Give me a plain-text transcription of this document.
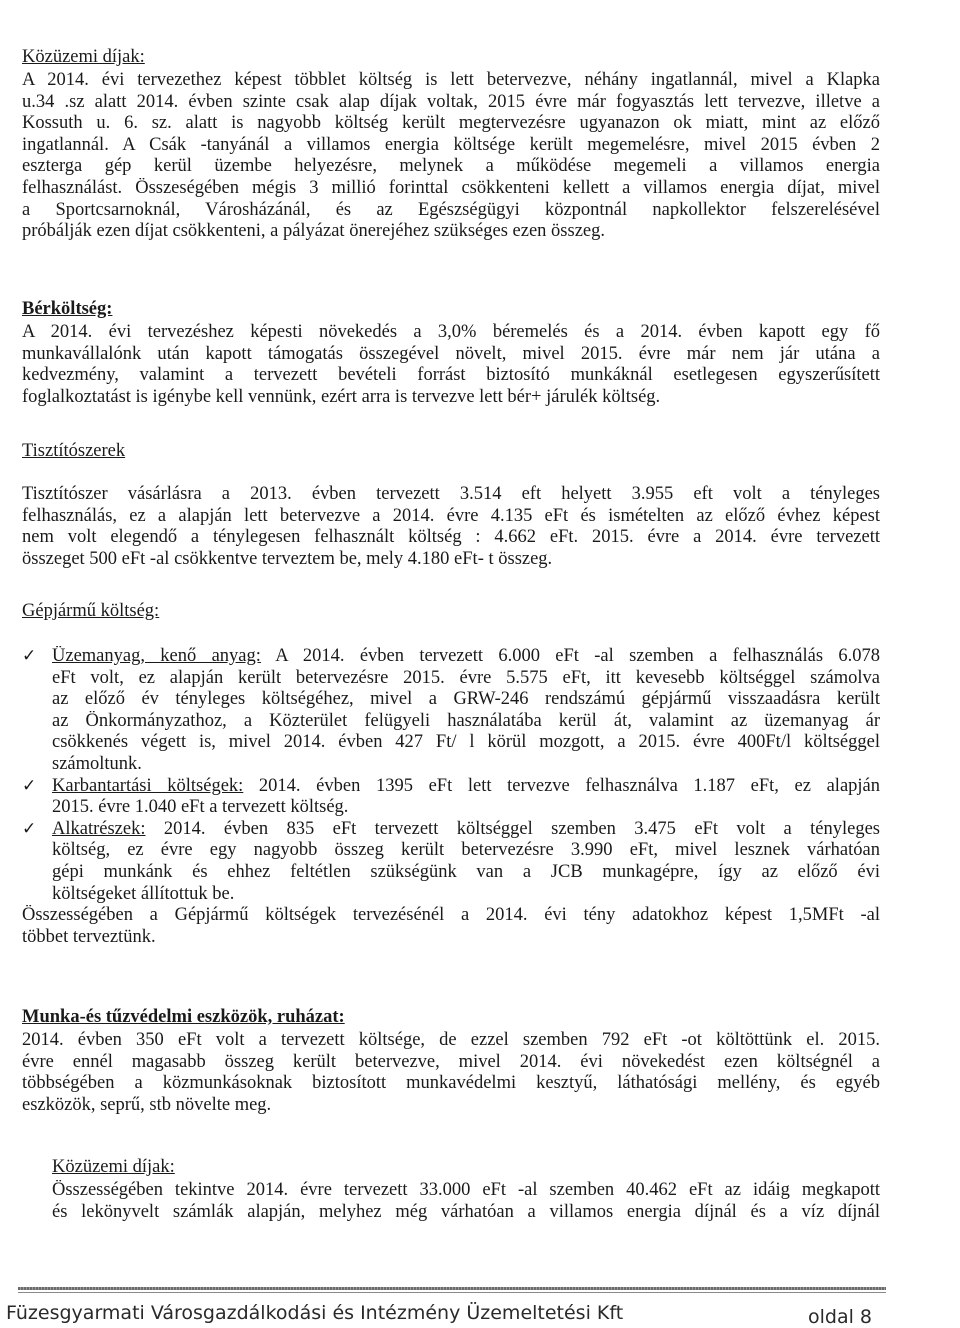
Közüzemi díjak:
A 2014. évi tervezethez képest többlet költség is lett betervezve, néhány ingatlannál, mivel a Klapka
u.34 .sz alatt 2014. évben szinte csak alap díjak voltak, 2015 évre már fogyasztás lett tervezve, illetve a
Kossuth u. 6. sz. alatt is nagyobb költség került megtervezésre ugyanazon ok miatt, mint az előző
ingatlannál. A Csák -tanyánál a villamos energia költsége került megemelésre, mivel 2015 évben 2
eszterga gép kerül üzembe helyezésre, melynek a működése megemeli a villamos energia
felhasználást. Összeségében mégis 3 millió forinttal csökkenteni kellett a villamos energia díjat, mivel
a Sportcsarnoknál, Városházánál, és az Egészségügyi központnál napkollektor felszerelésével
próbálják ezen díjat csökkenteni, a pályázat önerejéhez szükséges ezen összeg.
Bérköltség:
A 2014. évi tervezéshez képesti növekedés a 3,0% béremelés és a 2014. évben kapott egy fő
munkavállalónk után kapott támogatás összegével növelt, mivel 2015. évre már nem jár utána a
kedvezmény, valamint a tervezett bevételi forrást biztosító munkáknál esetlegesen egyszerűsített
foglalkoztatást is igénybe kell vennünk, ezért arra is tervezve lett bér+ járulék költség.
Tisztítószerek
Tisztítószer vásárlásra a 2013. évben tervezett 3.514 eft helyett 3.955 eft volt a tényleges
felhasználás, ez a alapján lett betervezve a 2014. évre 4.135 eFt és ismételten az előző évhez képest
nem volt elegendő a ténylegesen felhasznált költség : 4.662 eFt. 2015. évre a 2014. évre tervezett
összeget 500 eFt -al csökkentve terveztem be, mely 4.180 eFt- t összeg.
Gépjármű költség:
✓ Üzemanyag, kenő anyag: A 2014. évben tervezett 6.000 eFt -al szemben a felhasználás 6.078
eFt volt, ez alapján került betervezésre 2015. évre 5.575 eFt, itt kevesebb költséggel számolva
az előző év tényleges költségéhez, mivel a GRW-246 rendszámú gépjármű visszaadásra került
az Önkormányzathoz, a Közterület felügyeli használatába kerül át, valamint az üzemanyag ár
csökkenés végett is, mivel 2014. évben 427 Ft/ l körül mozgott, a 2015. évre 400Ft/l költséggel
számoltunk.
✓ Karbantartási költségek: 2014. évben 1395 eFt lett tervezve felhasználva 1.187 eFt, ez alapján
2015. évre 1.040 eFt a tervezett költség.
✓ Alkatrészek: 2014. évben 835 eFt tervezett költséggel szemben 3.475 eFt volt a tényleges
költség, ez évre egy nagyobb összeg került betervezésre 3.990 eFt, mivel lesznek várhatóan
gépi munkánk és ehhez feltétlen szükségünk van a JCB munkagépre, így az előző évi
költségeket állítottuk be.
Összességében a Gépjármű költségek tervezésénél a 2014. évi tény adatokhoz képest 1,5MFt -al
többet terveztünk.
Munka-és tűzvédelmi eszközök, ruházat:
2014. évben 350 eFt volt a tervezett költsége, de ezzel szemben 792 eFt -ot költöttünk el. 2015.
évre ennél magasabb összeg került betervezve, mivel 2014. évi növekedést ezen költségnél a
többségében a közmunkásoknak biztosított munkavédelmi kesztyű, láthatósági mellény, és egyéb
eszközök, seprű, stb növelte meg.
Közüzemi díjak:
Összességében tekintve 2014. évre tervezett 33.000 eFt -al szemben 40.462 eFt az idáig megkapott
és lekönyvelt számlák alapján, melyhez még várhatóan a villamos energia díjnál és a víz díjnál
Füzesgyarmati Városgazdálkodási és Intézmény Üzemeltetési Kft	oldal 8
